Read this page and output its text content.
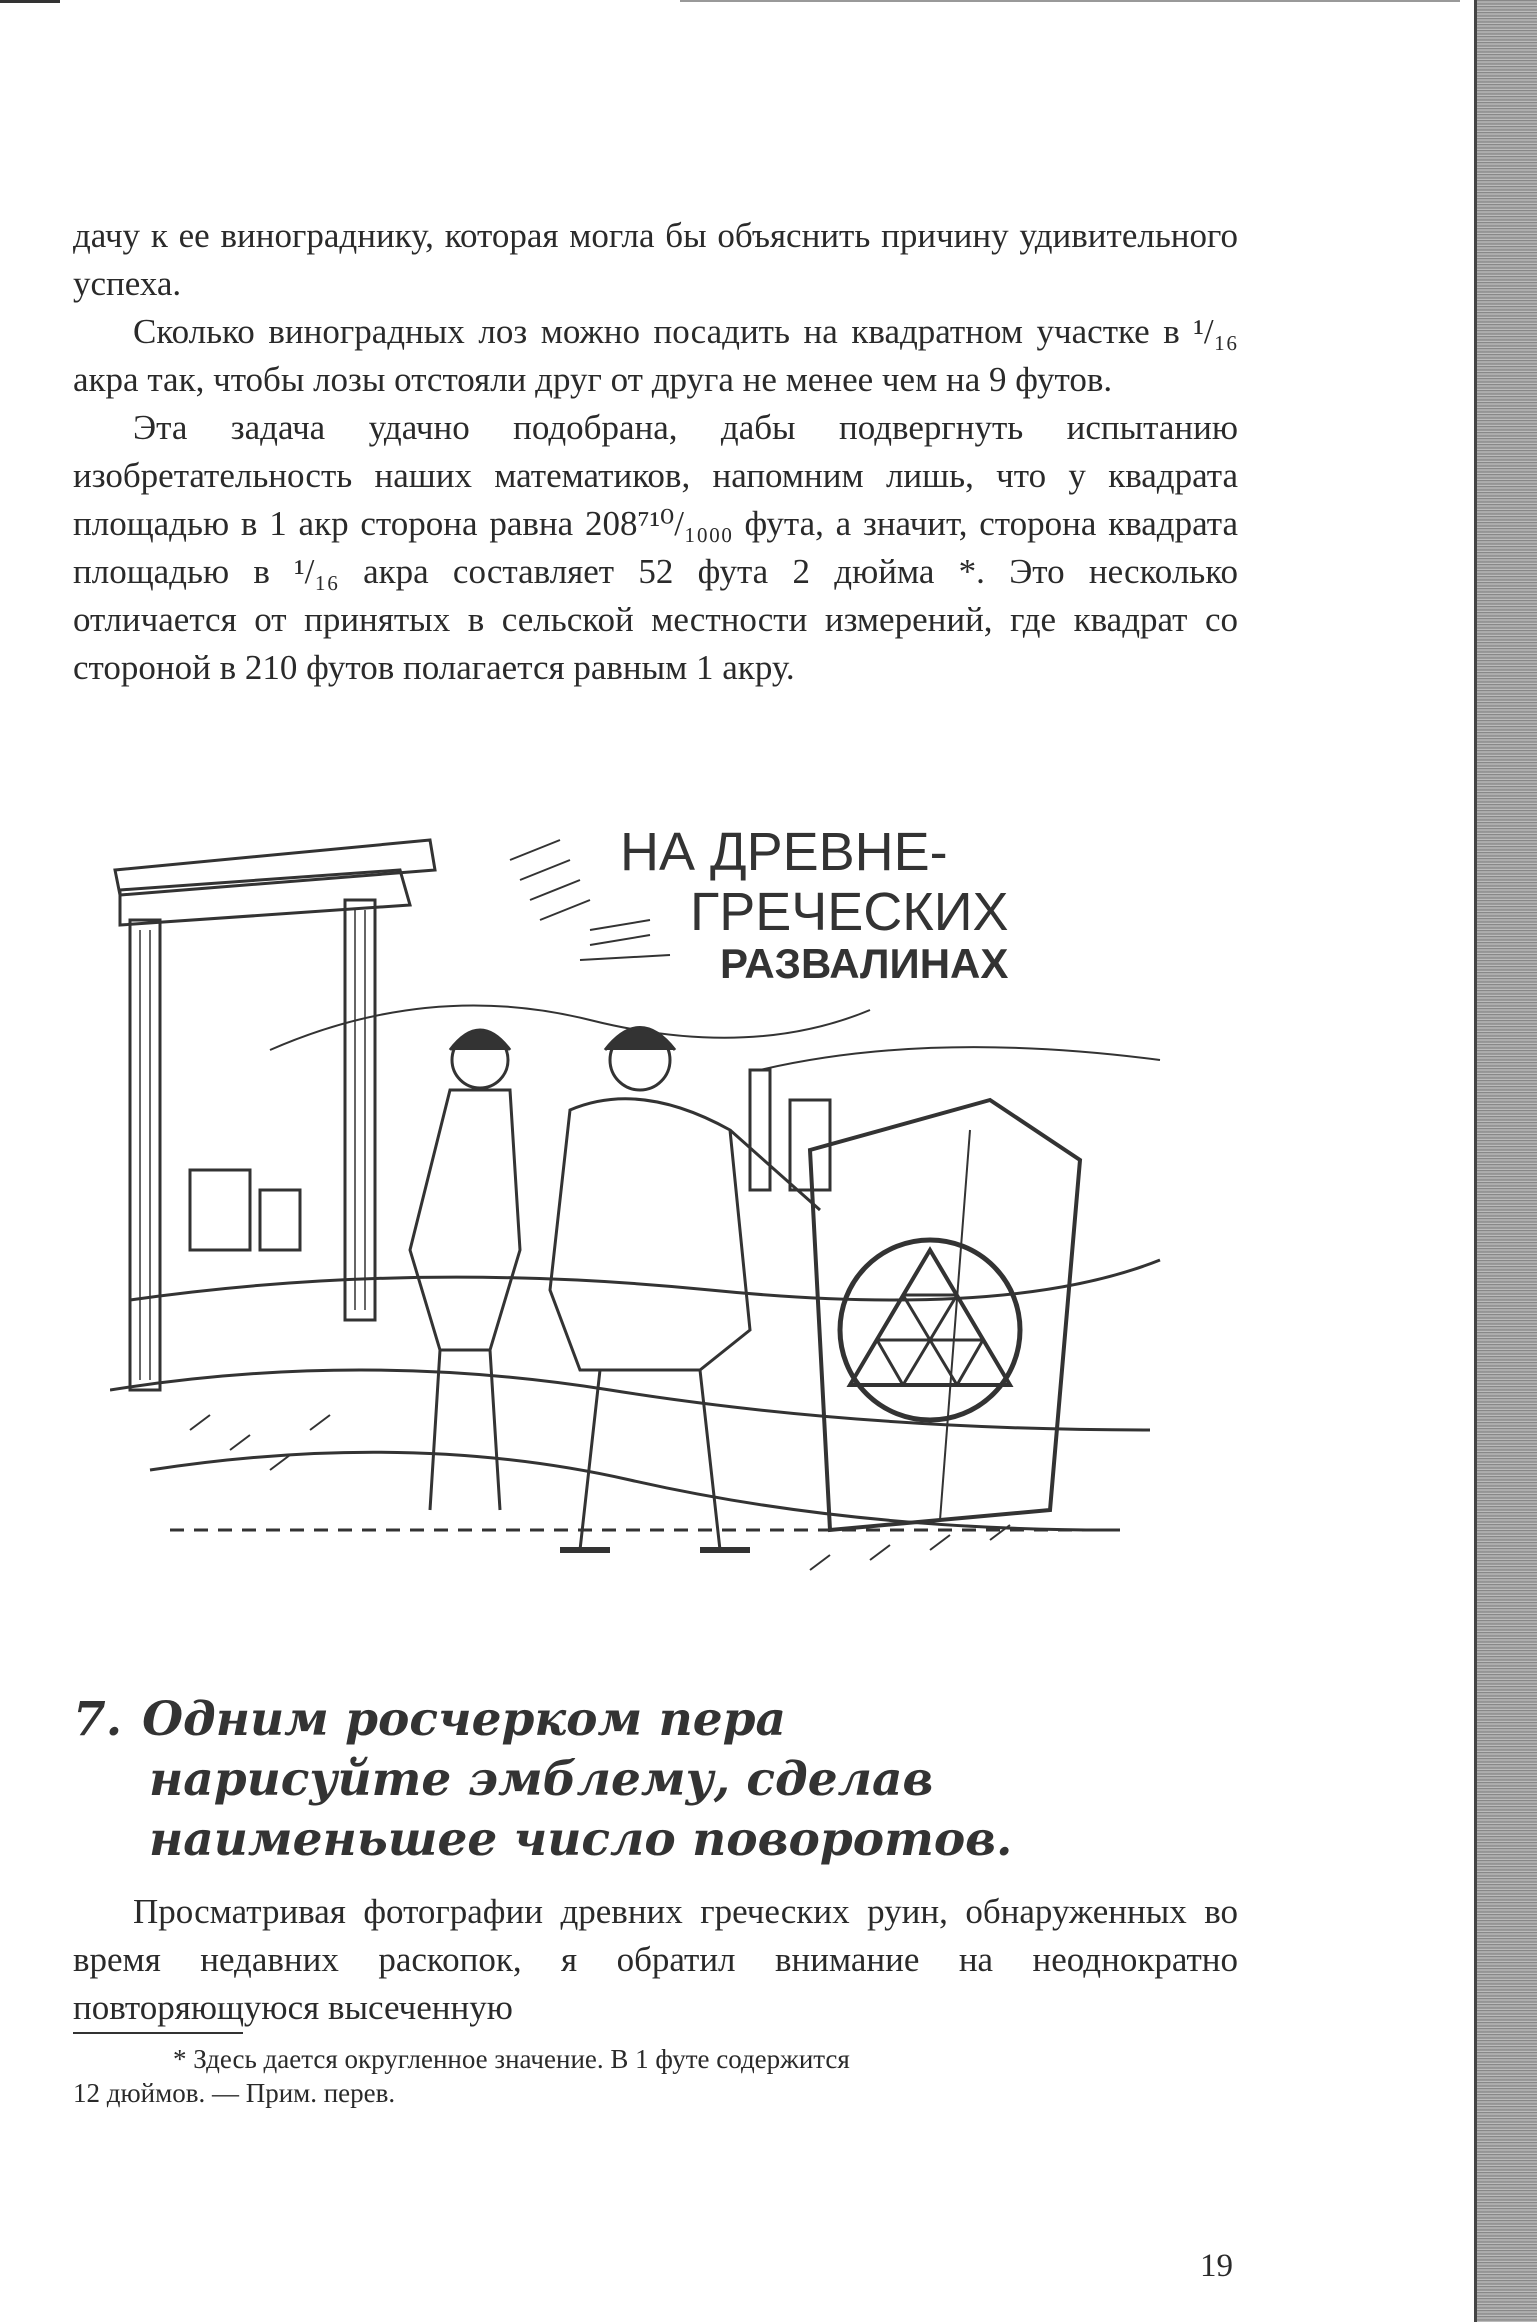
дачу к ее винограднику, которая могла бы объяснить причину удивительного успеха.

Сколько виноградных лоз можно посадить на квадратном участке в ¹/₁₆ акра так, чтобы лозы отстояли друг от друга не менее чем на 9 футов.

Эта задача удачно подобрана, дабы подвергнуть испытанию изобретательность наших математиков, напомним лишь, что у квадрата площадью в 1 акр сторона равна 208⁷¹⁰/₁₀₀₀ фута, а значит, сторона квадрата площадью в ¹/₁₆ акра составляет 52 фута 2 дюйма *. Это несколько отличается от принятых в сельской местности измерений, где квадрат со стороной в 210 футов полагается равным 1 акру.

НА ДРЕВНЕ-
ГРЕЧЕСКИХ
РАЗВАЛИНАХ
7. Одним росчерком пера
нарисуйте эмблему, сделав
наименьшее число поворотов.

Просматривая фотографии древних греческих руин, обнаруженных во время недавних раскопок, я обратил внимание на неоднократно повторяющуюся высеченную

* Здесь дается округленное значение. В 1 футе содержится
12 дюймов. — Прим. перев.
19
